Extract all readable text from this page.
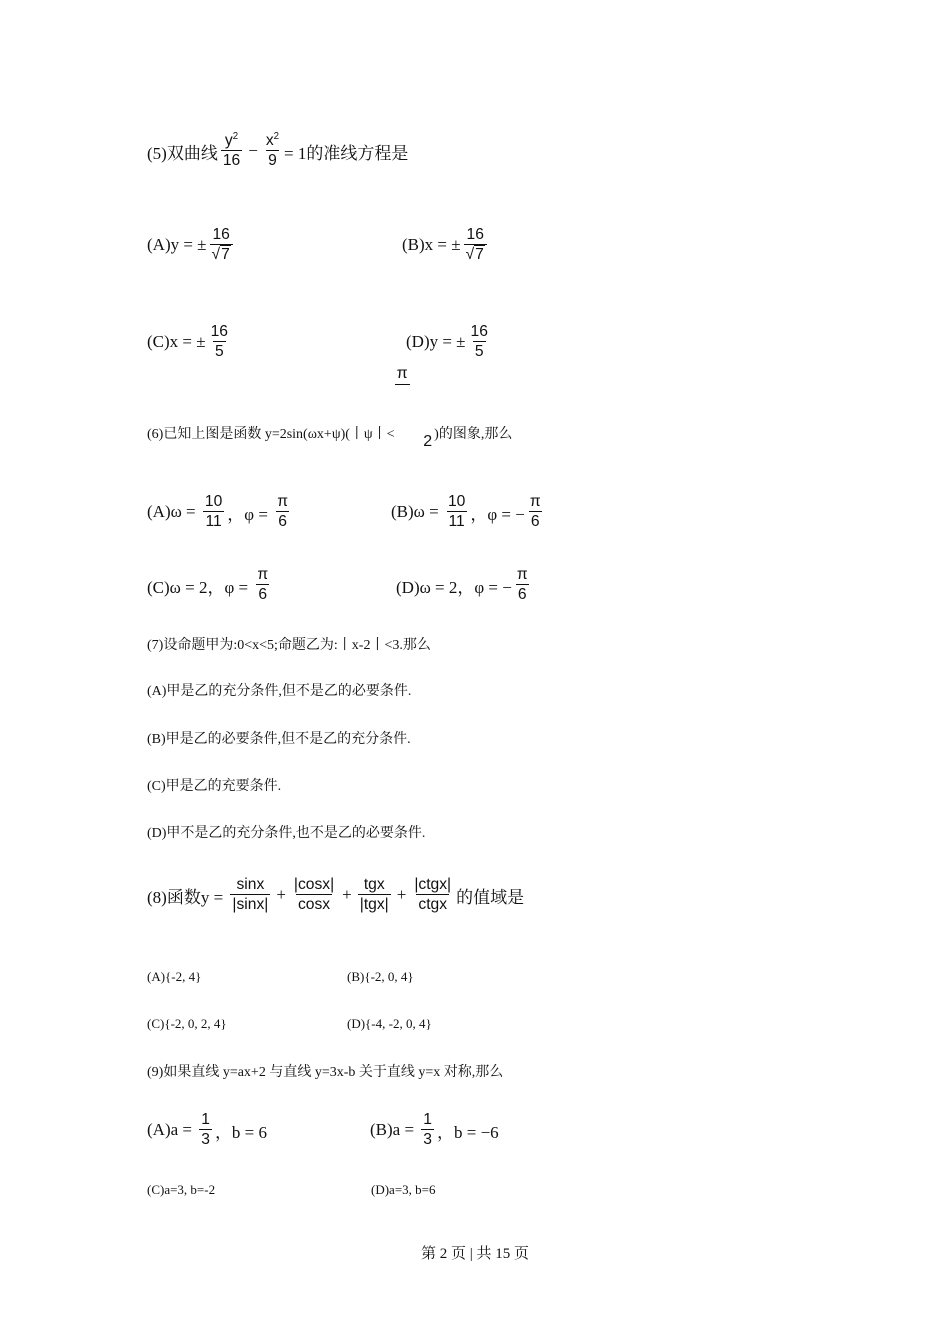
(5)双曲线 $\frac{y^2}{16} - \frac{x^2}{9} = 1$的准线方程是
(A)y = ± $\frac{16}{√7}$	(B)x = ± $\frac{16}{√7}$
(C)x = ± $\frac{16}{5}$	(D)y = ± $\frac{16}{5}$
(6)已知上图是函数 y=2sin(ωx+ψ)(丨ψ丨<

π

2
)的图象,那么
$(A)\omega = \frac{10}{11}$ ，$\varphi = \frac{\pi}{6}$	$(B)\omega = \frac{10}{11}$ ，φ = − $\frac{\pi}{6}$
(C)ω = 2，$\varphi = \frac{\pi}{6}$	(D)ω = 2，φ = − $\frac{\pi}{6}$
(7)设命题甲为:0<x<5;命题乙为:丨x-2丨<3.那么
(A)甲是乙的充分条件,但不是乙的必要条件.
(B)甲是乙的必要条件,但不是乙的充分条件.
(C)甲是乙的充要条件.
(D)甲不是乙的充分条件,也不是乙的必要条件.
(8)函数$y = \frac{\sin x}{|\sin x|} + \frac{|\cos x|}{\cos x} + \frac{\text{tgx}}{\text{|tgx|}} + \frac{\text{|ctgx|}}{\text{ctgx}}$ 的值域是
(A){-2, 4}	(B){-2, 0, 4}
(C){-2, 0, 2, 4}	(D){-4, -2, 0, 4}
(9)如果直线 y=ax+2 与直线 y=3x-b 关于直线 y=x 对称,那么
$(A)a = \frac{1}{3}$ ，b = 6	$(B)a = \frac{1}{3}$ ，b = −6
(C)a=3, b=-2	(D)a=3, b=6
第 2 页 | 共 15 页
